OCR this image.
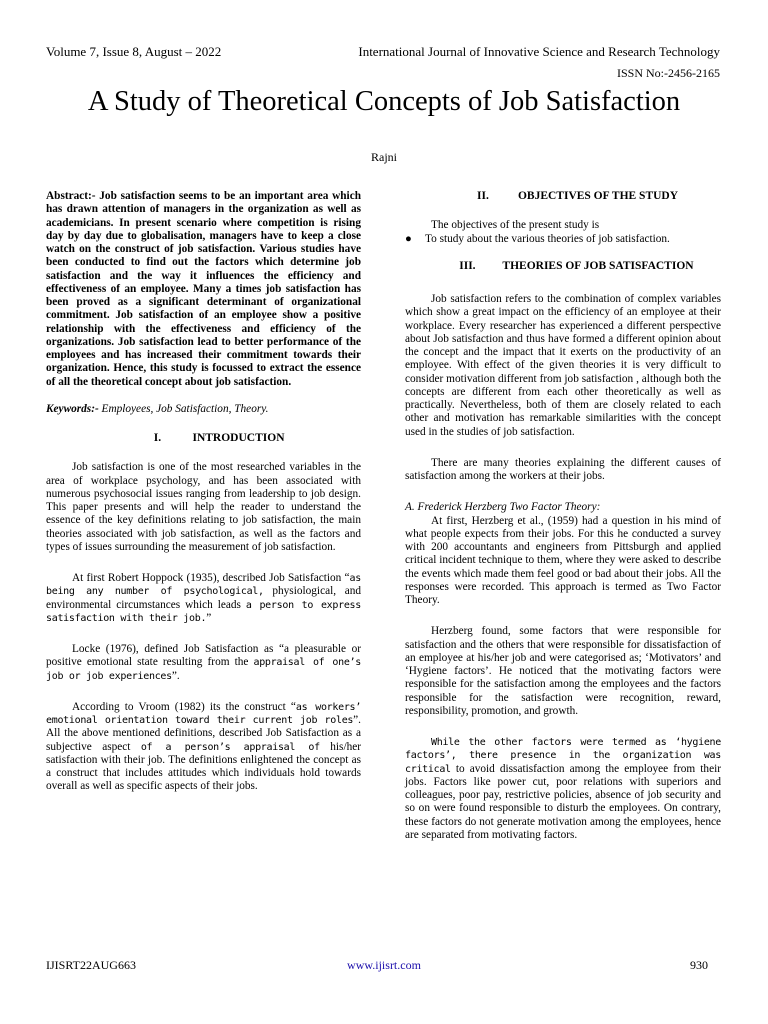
Volume 7, Issue 8, August – 2022	International Journal of Innovative Science and Research Technology
ISSN No:-2456-2165
A Study of Theoretical Concepts of Job Satisfaction
Rajni

Abstract:- Job satisfaction seems to be an important area which has drawn attention of managers in the organization as well as academicians. In present scenario where competition is rising day by day due to globalisation, managers have to keep a close watch on the construct of job satisfaction. Various studies have been conducted to find out the factors which determine job satisfaction and the way it influences the efficiency and effectiveness of an employee. Many a times job satisfaction has been proved as a significant determinant of organizational commitment. Job satisfaction of an employee show a positive relationship with the effectiveness and efficiency of the organizations. Job satisfaction lead to better performance of the employees and has increased their commitment towards their organization. Hence, this study is focussed to extract the essence of all the theoretical concept about job satisfaction.

Keywords:- Employees, Job Satisfaction, Theory.

I.	INTRODUCTION

Job satisfaction is one of the most researched variables in the area of workplace psychology, and has been associated with numerous psychosocial issues ranging from leadership to job design. This paper presents and will help the reader to understand the essence of the key definitions relating to job satisfaction, the main theories associated with job satisfaction, as well as the factors and types of issues surrounding the measurement of job satisfaction.

At first Robert Hoppock (1935), described Job Satisfaction “as being any number of psychological, physiological, and environmental circumstances which leads a person to express satisfaction with their job.”

Locke (1976), defined Job Satisfaction as “a pleasurable or positive emotional state resulting from the appraisal of one’s job or job experiences”.

According to Vroom (1982) its the construct “as workers’ emotional orientation toward their current job roles”. All the above mentioned definitions, described Job Satisfaction as a subjective aspect of a person’s appraisal of his/her satisfaction with their job. The definitions enlightened the concept as a construct that includes attitudes which individuals hold towards overall as well as specific aspects of their jobs.

II.	OBJECTIVES OF THE STUDY

The objectives of the present study is

●	To study about the various theories of job satisfaction.

III. THEORIES OF JOB SATISFACTION

Job satisfaction refers to the combination of complex variables which show a great impact on the efficiency of an employee at their workplace. Every researcher has experienced a different perspective about Job satisfaction and thus have formed a different opinion about the concept and the impact that it exerts on the productivity of an employee. With effect of the given theories it is very difficult to consider motivation different from job satisfaction , although both the concepts are different from each other theoretically as well as practically. Nevertheless, both of them are closely related to each other and motivation has remarkable similarities with the concept used in the studies of job satisfaction.

There are many theories explaining the different causes of satisfaction among the workers at their jobs.

A. Frederick Herzberg Two Factor Theory:

At first, Herzberg et al., (1959) had a question in his mind of what people expects from their jobs. For this he conducted a survey with 200 accountants and engineers from Pittsburgh and applied critical incident technique to them, where they were asked to describe the events which made them feel good or bad about their jobs. All the responses were recorded. This approach is termed as Two Factor Theory.

Herzberg found, some factors that were responsible for satisfaction and the others that were responsible for dissatisfaction of an employee at his/her job and were categorised as; ‘Motivators’ and ‘Hygiene factors’. He noticed that the motivating factors were responsible for the satisfaction among the employees and the factors responsible for the satisfaction were recognition, reward, responsibility, promotion, and growth.

While the other factors were termed as ‘hygiene factors’, there presence in the organization was critical to avoid dissatisfaction among the employee from their jobs. Factors like power cut, poor relations with superiors and colleagues, poor pay, restrictive policies, absence of job security and so on were found responsible to disturb the employees. On contrary, these factors do not generate motivation among the employees, hence are separated from motivating factors.

IJISRT22AUG663	www.ijisrt.com	930
